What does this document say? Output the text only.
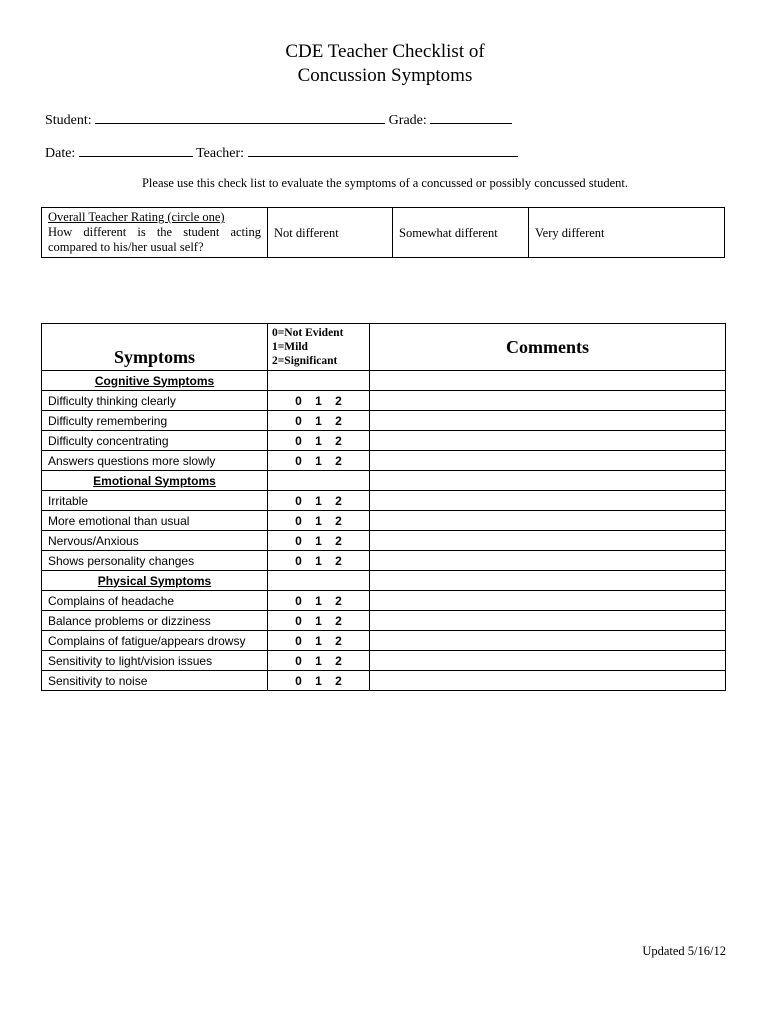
CDE Teacher Checklist of
Concussion Symptoms
Student:	Grade:
Date:	Teacher:
Please use this check list to evaluate the symptoms of a concussed or possibly concussed student.
Overall Teacher Rating (circle one)
How different is the student acting compared to his/her usual self?
	Not different	Somewhat different	Very different
Symptoms	0=Not Evident
1=Mild
2=Significant	Comments
Cognitive Symptoms		
Difficulty thinking clearly	0 1 2	
Difficulty remembering	0 1 2	
Difficulty concentrating	0 1 2	
Answers questions more slowly	0 1 2	
Emotional Symptoms		
Irritable	0 1 2	
More emotional than usual	0 1 2	
Nervous/Anxious	0 1 2	
Shows personality changes	0 1 2	
Physical Symptoms		
Complains of headache	0 1 2	
Balance problems or dizziness	0 1 2	
Complains of fatigue/appears drowsy	0 1 2	
Sensitivity to light/vision issues	0 1 2	
Sensitivity to noise	0 1 2	
Updated 5/16/12
